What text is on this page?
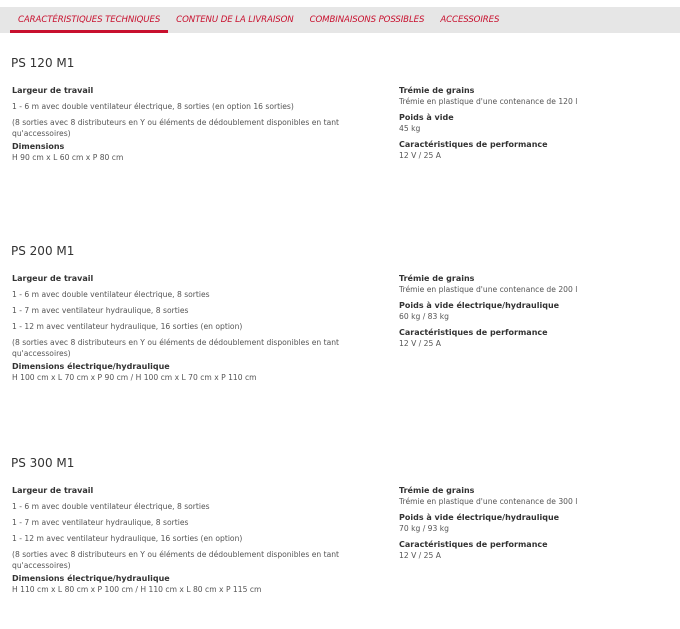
CARACTÉRISTIQUES TECHNIQUES	CONTENU DE LA LIVRAISON	COMBINAISONS POSSIBLES	ACCESSOIRES
PS 120 M1
Largeur de travail
1 - 6 m avec double ventilateur électrique, 8 sorties (en option 16 sorties)
(8 sorties avec 8 distributeurs en Y ou éléments de dédoublement disponibles en tant qu'accessoires)
Dimensions
H 90 cm x L 60 cm x P 80 cm
Trémie de grains
Trémie en plastique d'une contenance de 120 l
Poids à vide
45 kg
Caractéristiques de performance
12 V / 25 A
PS 200 M1
Largeur de travail
1 - 6 m avec double ventilateur électrique, 8 sorties
1 - 7 m avec ventilateur hydraulique, 8 sorties
1 - 12 m avec ventilateur hydraulique, 16 sorties (en option)
(8 sorties avec 8 distributeurs en Y ou éléments de dédoublement disponibles en tant qu'accessoires)
Dimensions électrique/hydraulique
H 100 cm x L 70 cm x P 90 cm / H 100 cm x L 70 cm x P 110 cm
Trémie de grains
Trémie en plastique d'une contenance de 200 l
Poids à vide électrique/hydraulique
60 kg / 83 kg
Caractéristiques de performance
12 V / 25 A
PS 300 M1
Largeur de travail
1 - 6 m avec double ventilateur électrique, 8 sorties
1 - 7 m avec ventilateur hydraulique, 8 sorties
1 - 12 m avec ventilateur hydraulique, 16 sorties (en option)
(8 sorties avec 8 distributeurs en Y ou éléments de dédoublement disponibles en tant qu'accessoires)
Dimensions électrique/hydraulique
H 110 cm x L 80 cm x P 100 cm / H 110 cm x L 80 cm x P 115 cm
Trémie de grains
Trémie en plastique d'une contenance de 300 l
Poids à vide électrique/hydraulique
70 kg / 93 kg
Caractéristiques de performance
12 V / 25 A
